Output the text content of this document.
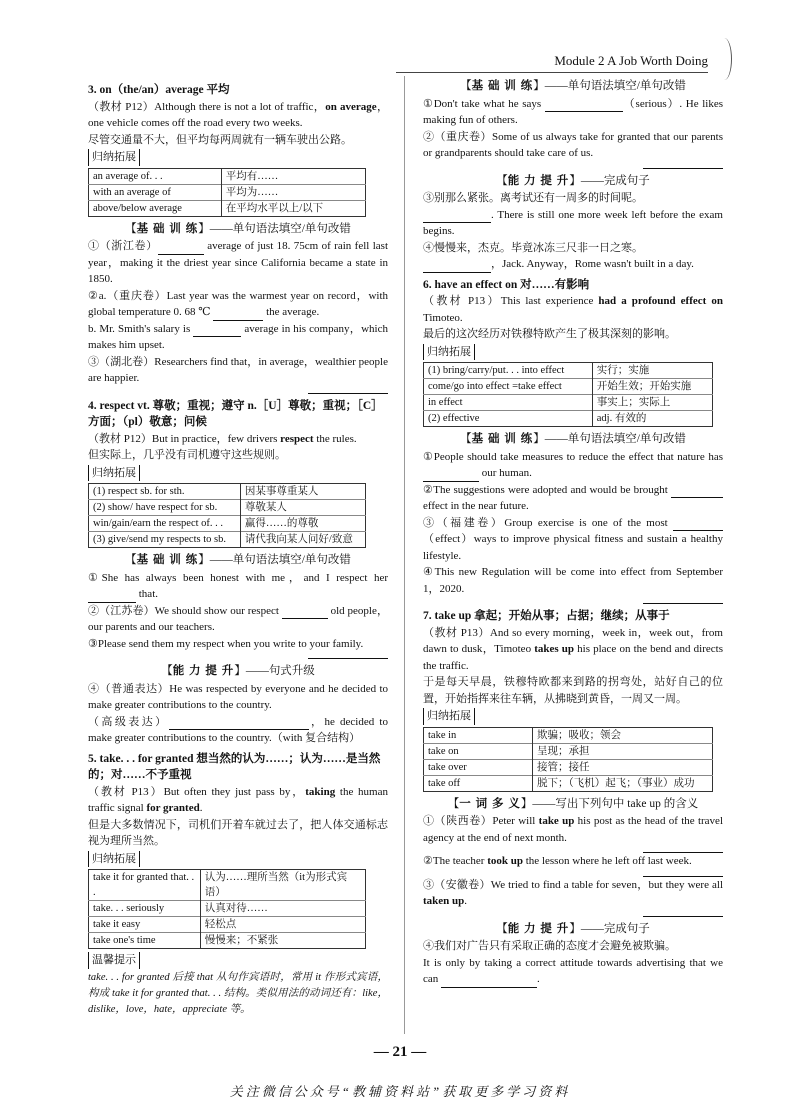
Module 2 A Job Worth Doing
3. on（the/an）average 平均

（教材 P12）Although there is not a lot of traffic，on average，one vehicle comes off the road every two weeks.
尽管交通量不大，但平均每两周就有一辆车驶出公路。

归纳拓展
an average of. . .	平均有……
with an average of	平均为……
above/below average	在平均水平以上/以下
【基 础 训 练】——单句语法填空/单句改错

①（浙江卷）	average of just 18. 75cm of rain fell last year，making it the driest year since California became a state in 1850.

②a.（重庆卷）Last year was the warmest year on record，with global temperature 0. 68 ℃	the average.

b. Mr. Smith's salary is	average in his company，which makes him upset.

③（湖北卷）Researchers find that，in average，wealthier people are happier.

4. respect vt. 尊敬；重视；遵守 n.［U］尊敬；重视；［C］方面；（pl）敬意；问候

（教材 P12）But in practice，few drivers respect the rules.
但实际上，几乎没有司机遵守这些规则。

归纳拓展
(1) respect sb. for sth.	因某事尊重某人
(2) show/ have respect for sb.	尊敬某人
win/gain/earn the respect of. . .	赢得……的尊敬
(3) give/send my respects to sb.	请代我向某人问好/致意
【基 础 训 练】——单句语法填空/单句改错

①She has always been honest with me，and I respect her  that.

②（江苏卷）We should show our respect	old people，our parents and our teachers.

③Please send them my respect when you write to your family.

【能 力 提 升】——句式升级

④（普通表达）He was respected by everyone and he decided to make greater contributions to the country.

（高级表达）	，he decided to make greater contributions to the country.（with 复合结构）

5. take. . . for granted 想当然的认为……；认为……是当然的；对……不予重视

（教材 P13）But often they just pass by，taking the human traffic signal for granted.
但是大多数情况下，司机们开着车就过去了，把人体交通标志视为理所当然。

归纳拓展
take it for granted that. . .	认为……理所当然（it为形式宾语）
take. . . seriously	认真对待……
take it easy	轻松点
take one's time	慢慢来；不紧张
温馨提示

take. . . for granted 后接 that 从句作宾语时，常用 it 作形式宾语，构成 take it for granted that. . . 结构。类似用法的动词还有：like，dislike，love，hate，appreciate 等。

【基 础 训 练】——单句语法填空/单句改错

①Don't take what he says	（serious）. He likes making fun of others.

②（重庆卷）Some of us always take for granted that our parents or grandparents should take care of us.

【能 力 提 升】——完成句子

③别那么紧张。离考试还有一周多的时间呢。

. There is still one more week left before the exam begins.

④慢慢来，杰克。毕竟冰冻三尺非一日之寒。

，Jack. Anyway，Rome wasn't built in a day.

6. have an effect on 对……有影响

（教材 P13）This last experience had a profound effect on Timoteo.
最后的这次经历对铁穆特欧产生了极其深刻的影响。

归纳拓展
(1) bring/carry/put. . . into effect	实行；实施
come/go into effect =take effect	开始生效；开始实施
in effect	事实上；实际上
(2) effective	adj. 有效的
【基 础 训 练】——单句语法填空/单句改错

①People should take measures to reduce the effect that nature has  our human.

②The suggestions were adopted and would be brought  effect in the near future.

③（福建卷）Group exercise is one of the most （effect）ways to improve physical fitness and sustain a healthy lifestyle.

④This new Regulation will be come into effect from September 1，2020.

7. take up 拿起；开始从事；占据；继续；从事于

（教材 P13）And so every morning，week in，week out，from dawn to dusk，Timoteo takes up his place on the bend and directs the traffic.
于是每天早晨，铁穆特欧都来到路的拐弯处，站好自己的位置，开始指挥来往车辆，从拂晓到黄昏，一周又一周。

归纳拓展
take in	欺骗；吸收；领会
take on	呈现；承担
take over	接管；接任
take off	脱下；（飞机）起飞；（事业）成功
【一 词 多 义】——写出下列句中 take up 的含义

①（陕西卷）Peter will take up his post as the head of the travel agency at the end of next month.

②The teacher took up the lesson where he left off last week.

③（安徽卷）We tried to find a table for seven，but they were all taken up.

【能 力 提 升】——完成句子

④我们对广告只有采取正确的态度才会避免被欺骗。

It is only by taking a correct attitude towards advertising that we can	.

— 21 —
关注微信公众号“教辅资料站”获取更多学习资料
